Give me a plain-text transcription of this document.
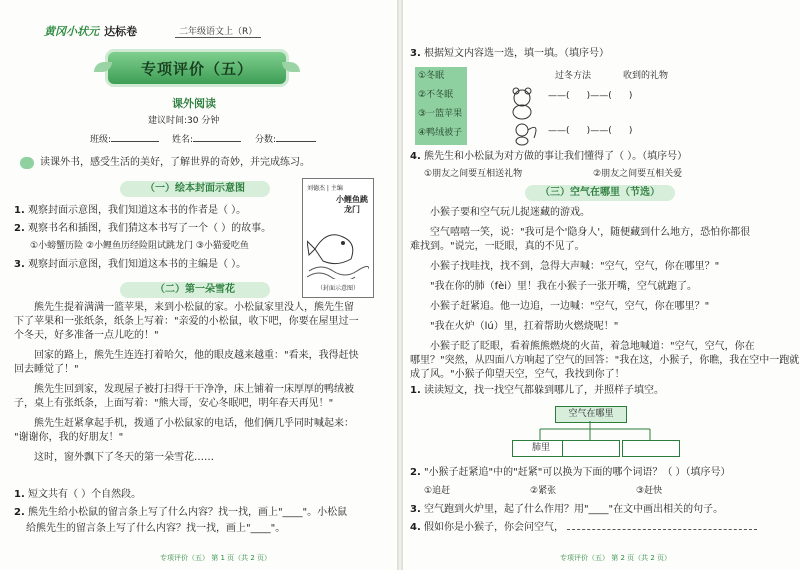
黄冈小状元 达标卷	二年级语文上（R）
专项评价（五）
课外阅读
建议时间:30 分钟
班级:	姓名:	分数:
读课外书，感受生活的美好，了解世界的奇妙，并完成练习。
（一）绘本封面示意图
1. 观察封面示意图，我们知道这本书的作者是（ ）。
2. 观察书名和插图，我们猜这本书写了一个（ ）的故事。
①小螃蟹历险 ②小鲤鱼历经险阻试跳龙门 ③小猫爱吃鱼
3. 观察封面示意图，我们知道这本书的主编是（ ）。
刘德杰 | 主编
小鲤鱼跳龙门
（封面示意图）
（二）第一朵雪花
熊先生提着满满一篮苹果，来到小松鼠的家。小松鼠家里没人，熊先生留
下了苹果和一张纸条，纸条上写着："亲爱的小松鼠，收下吧，你要在屋里过一
个冬天，好多准备一点儿吃的！"
回家的路上，熊先生连连打着哈欠，他的眼皮越来越重："看来，我得赶快
回去睡觉了！"
熊先生回到家，发现屋子被打扫得干干净净，床上铺着一床厚厚的鸭绒被
子，桌上有张纸条，上面写着："熊大哥，安心冬眠吧，明年春天再见！"
熊先生赶紧拿起手机，拨通了小松鼠家的电话，他们俩几乎同时喊起来：
"谢谢你，我的好朋友！"
这时，窗外飘下了冬天的第一朵雪花……
1. 短文共有（ ）个自然段。
2. 熊先生给小松鼠的留言条上写了什么内容？找一找，画上"____"。小松鼠
给熊先生的留言条上写了什么内容？找一找，画上"____"。
专项评价（五） 第 1 页（共 2 页）
3. 根据短文内容选一选，填一填。（填序号）
①冬眠
②不冬眠
③一篮苹果
④鸭绒被子
过冬方法	收到的礼物
——(      )——(      )
——(      )——(      )
4. 熊先生和小松鼠为对方做的事让我们懂得了（ ）。（填序号）
①朋友之间要互相送礼物	②朋友之间要互相关爱
（三）空气在哪里（节选）
小猴子要和空气玩儿捉迷藏的游戏。
空气嘻嘻一笑，说："我可是个'隐身人'，随便藏到什么地方，恐怕你都很
难找到。"说完，一眨眼，真的不见了。
小猴子找哇找，找不到，急得大声喊："空气，空气，你在哪里？"
"我在你的肺（fèi）里！我在小猴子一张开嘴，空气就跑了。
小猴子赶紧追。他一边追，一边喊："空气，空气，你在哪里？"
"我在火炉（lú）里，扛着帮助火燃烧呢！"
小猴子眨了眨眼，看着熊熊燃烧的火苗，着急地喊道："空气，空气，你在
哪里？"突然，从四面八方响起了空气的回答："我在这，小猴子，你瞧，我在空中一跑就
成了风。"小猴子仰望天空，空气，我找到你了！
1. 读读短文，找一找空气都躲到哪儿了，并照样子填空。
空气在哪里
肺里
2. "小猴子赶紧追"中的"赶紧"可以换为下面的哪个词语？（ ）（填序号）
①追赶	②紧张	③赶快
3. 空气跑到火炉里，起了什么作用？用"____"在文中画出相关的句子。
4. 假如你是小猴子，你会问空气，
专项评价（五） 第 2 页（共 2 页）
